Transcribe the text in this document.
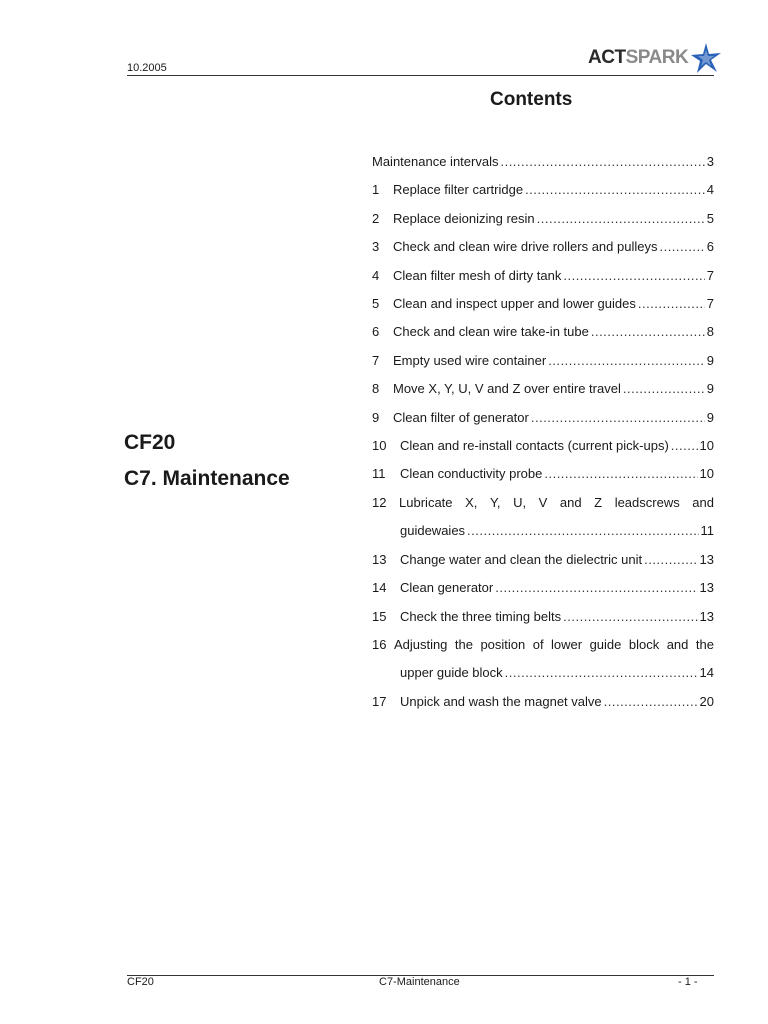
10.2005	ACTSPARK
Contents
CF20
C7. Maintenance
Maintenance intervals .....	3
1	Replace filter cartridge .....	4
2	Replace deionizing resin .....	5
3	Check and clean wire drive rollers and pulleys .....	6
4	Clean filter mesh of dirty tank .....	7
5	Clean and inspect upper and lower guides .....	7
6	Check and clean wire take-in tube .....	8
7	Empty used wire container .....	9
8	Move X, Y, U, V and Z over entire travel .....	9
9	Clean filter of generator .....	9
10	Clean and re-install contacts (current pick-ups) ..... 10
11	Clean conductivity probe .....	10
12 Lubricate X, Y, U, V and Z leadscrews and
guidewaies .....	11
13	Change water and clean the dielectric unit .....	13
14	Clean generator .....	13
15	Check the three timing belts .....	13
16 Adjusting the position of lower guide block and the
upper guide block .....	14
17	Unpick and wash the magnet valve .....	20
CF20	C7-Maintenance	- 1 -
